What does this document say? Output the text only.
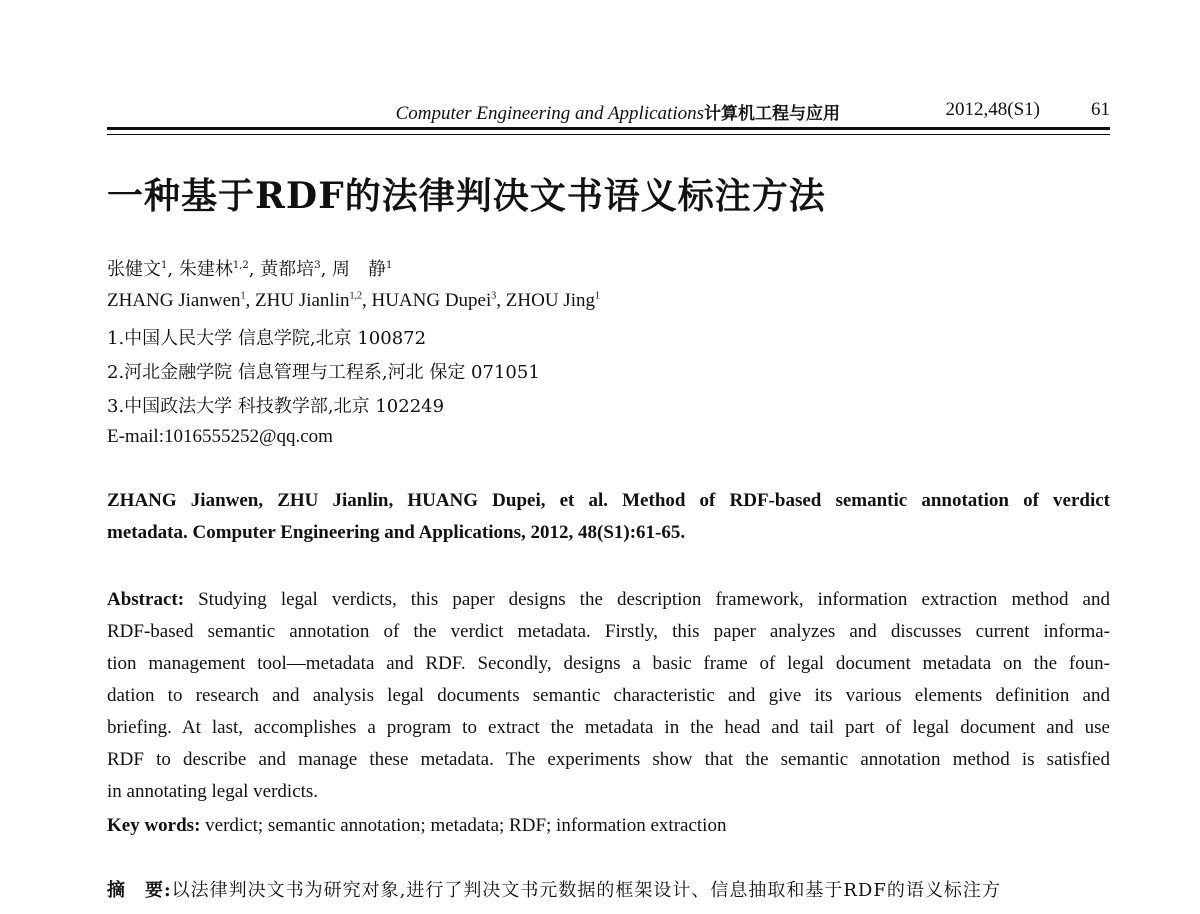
Computer Engineering and Applications计算机工程与应用	2012,48(S1)	61
一种基于RDF的法律判决文书语义标注方法
张健文$^1$, 朱建林$^{1,2}$, 黄都培$^3$, 周　静$^1$
ZHANG Jianwen$^1$, ZHU Jianlin$^{1,2}$, HUANG Dupei$^3$, ZHOU Jing$^1$
1.中国人民大学 信息学院,北京 100872
2.河北金融学院 信息管理与工程系,河北 保定 071051
3.中国政法大学 科技教学部,北京 102249
E-mail:1016555252@qq.com
ZHANG Jianwen, ZHU Jianlin, HUANG Dupei, et al. Method of RDF-based semantic annotation of verdict
metadata. Computer Engineering and Applications, 2012, 48(S1):61-65.
Abstract: Studying legal verdicts, this paper designs the description framework, information extraction method and
RDF-based semantic annotation of the verdict metadata. Firstly, this paper analyzes and discusses current informa-
tion management tool—metadata and RDF. Secondly, designs a basic frame of legal document metadata on the foun-
dation to research and analysis legal documents semantic characteristic and give its various elements definition and
briefing. At last, accomplishes a program to extract the metadata in the head and tail part of legal document and use
RDF to describe and manage these metadata. The experiments show that the semantic annotation method is satisfied
in annotating legal verdicts.
Key words: verdict; semantic annotation; metadata; RDF; information extraction
摘　要:以法律判决文书为研究对象,进行了判决文书元数据的框架设计、信息抽取和基于RDF的语义标注方
